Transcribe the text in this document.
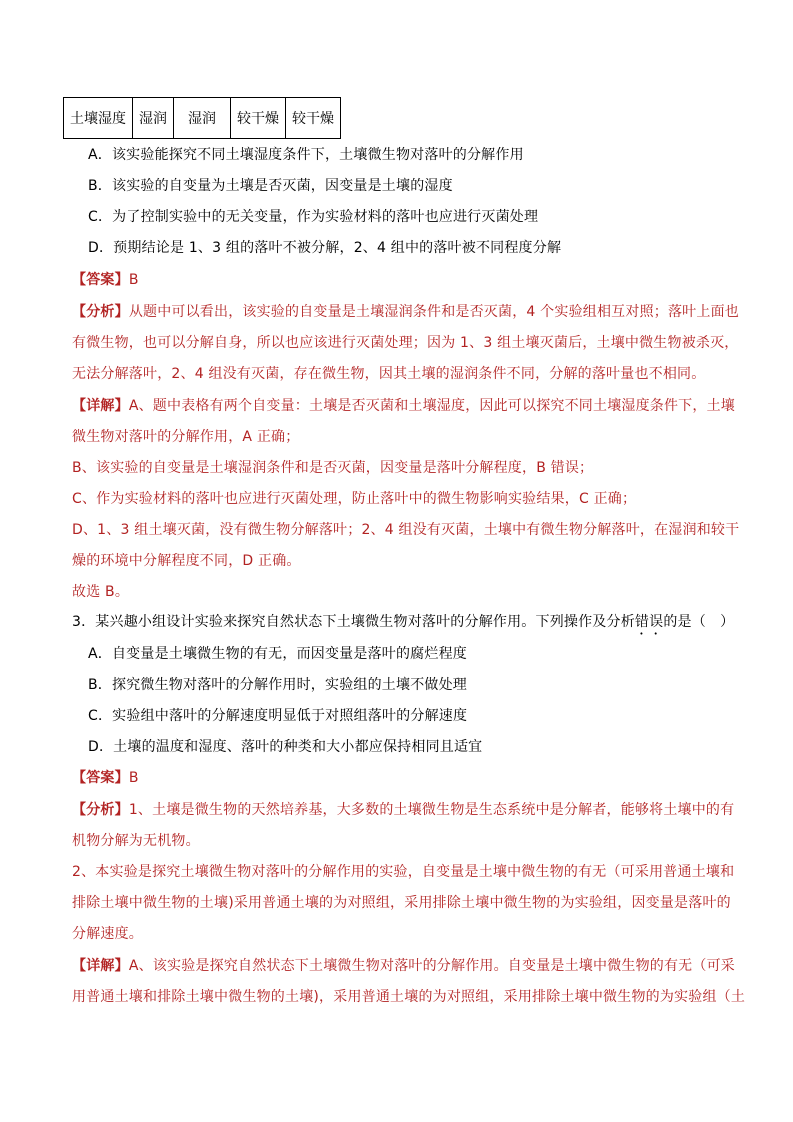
土壤湿度	湿润	湿润	较干燥	较干燥
A．该实验能探究不同土壤湿度条件下，土壤微生物对落叶的分解作用
B．该实验的自变量为土壤是否灭菌，因变量是土壤的湿度
C．为了控制实验中的无关变量，作为实验材料的落叶也应进行灭菌处理
D．预期结论是 1、3 组的落叶不被分解，2、4 组中的落叶被不同程度分解
【答案】B
【分析】从题中可以看出，该实验的自变量是土壤湿润条件和是否灭菌，4 个实验组相互对照；落叶上面也
有微生物，也可以分解自身，所以也应该进行灭菌处理；因为 1、3 组土壤灭菌后，土壤中微生物被杀灭，
无法分解落叶，2、4 组没有灭菌，存在微生物，因其土壤的湿润条件不同，分解的落叶量也不相同。
【详解】A、题中表格有两个自变量：土壤是否灭菌和土壤湿度，因此可以探究不同土壤湿度条件下，土壤
微生物对落叶的分解作用，A 正确；
B、该实验的自变量是土壤湿润条件和是否灭菌，因变量是落叶分解程度，B 错误；
C、作为实验材料的落叶也应进行灭菌处理，防止落叶中的微生物影响实验结果，C 正确；
D、1、3 组土壤灭菌，没有微生物分解落叶；2、4 组没有灭菌，土壤中有微生物分解落叶，在湿润和较干
燥的环境中分解程度不同，D 正确。
故选 B。
3．某兴趣小组设计实验来探究自然状态下土壤微生物对落叶的分解作用。下列操作及分析错误的是（　）
A．自变量是土壤微生物的有无，而因变量是落叶的腐烂程度
B．探究微生物对落叶的分解作用时，实验组的土壤不做处理
C．实验组中落叶的分解速度明显低于对照组落叶的分解速度
D．土壤的温度和湿度、落叶的种类和大小都应保持相同且适宜
【答案】B
【分析】1、土壤是微生物的天然培养基，大多数的土壤微生物是生态系统中是分解者，能够将土壤中的有
机物分解为无机物。
2、本实验是探究土壤微生物对落叶的分解作用的实验，自变量是土壤中微生物的有无（可采用普通土壤和
排除土壤中微生物的土壤)采用普通土壤的为对照组，采用排除土壤中微生物的为实验组，因变量是落叶的
分解速度。
【详解】A、该实验是探究自然状态下土壤微生物对落叶的分解作用。自变量是土壤中微生物的有无（可采
用普通土壤和排除土壤中微生物的土壤)，采用普通土壤的为对照组，采用排除土壤中微生物的为实验组（土
